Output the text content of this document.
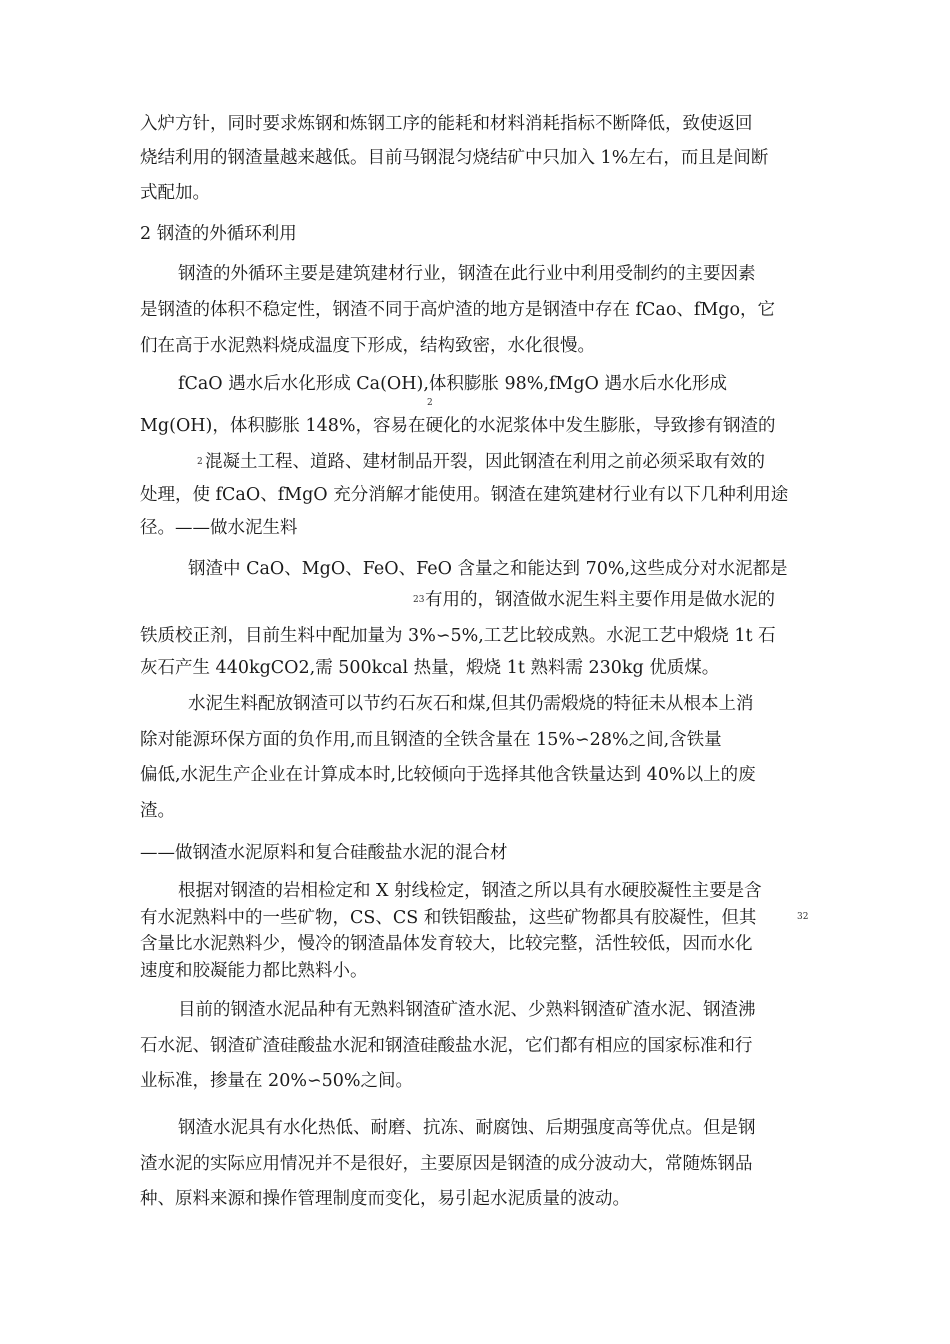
入炉方针，同时要求炼钢和炼钢工序的能耗和材料消耗指标不断降低，致使返回
烧结利用的钢渣量越来越低。目前马钢混匀烧结矿中只加入 1%左右，而且是间断
式配加。
2 钢渣的外循环利用
钢渣的外循环主要是建筑建材行业，钢渣在此行业中利用受制约的主要因素
是钢渣的体积不稳定性，钢渣不同于高炉渣的地方是钢渣中存在 fCao、fMgo，它
们在高于水泥熟料烧成温度下形成，结构致密，水化很慢。
fCaO 遇水后水化形成 Ca(OH),体积膨胀 98%,fMgO 遇水后水化形成
2
Mg(OH)，体积膨胀 148%，容易在硬化的水泥浆体中发生膨胀，导致掺有钢渣的
2 混凝土工程、道路、建材制品开裂，因此钢渣在利用之前必须采取有效的
处理，使 fCaO、fMgO 充分消解才能使用。钢渣在建筑建材行业有以下几种利用途
径。——做水泥生料
钢渣中 CaO、MgO、FeO、FeO 含量之和能达到 70%,这些成分对水泥都是
23 有用的，钢渣做水泥生料主要作用是做水泥的
铁质校正剂，目前生料中配加量为 3%∽5%,工艺比较成熟。水泥工艺中煅烧 1t 石
灰石产生 440kgCO2,需 500kcal 热量，煅烧 1t 熟料需 230kg 优质煤。
水泥生料配放钢渣可以节约石灰石和煤,但其仍需煅烧的特征未从根本上消
除对能源环保方面的负作用,而且钢渣的全铁含量在 15%∽28%之间,含铁量
偏低,水泥生产企业在计算成本时,比较倾向于选择其他含铁量达到 40%以上的废
渣。
——做钢渣水泥原料和复合硅酸盐水泥的混合材
根据对钢渣的岩相检定和 X 射线检定，钢渣之所以具有水硬胶凝性主要是含
有水泥熟料中的一些矿物，CS、CS 和铁铝酸盐，这些矿物都具有胶凝性，但其	32
含量比水泥熟料少，慢冷的钢渣晶体发育较大，比较完整，活性较低，因而水化
速度和胶凝能力都比熟料小。
目前的钢渣水泥品种有无熟料钢渣矿渣水泥、少熟料钢渣矿渣水泥、钢渣沸
石水泥、钢渣矿渣硅酸盐水泥和钢渣硅酸盐水泥，它们都有相应的国家标准和行
业标准，掺量在 20%∽50%之间。
钢渣水泥具有水化热低、耐磨、抗冻、耐腐蚀、后期强度高等优点。但是钢
渣水泥的实际应用情况并不是很好，主要原因是钢渣的成分波动大，常随炼钢品
种、原料来源和操作管理制度而变化，易引起水泥质量的波动。
